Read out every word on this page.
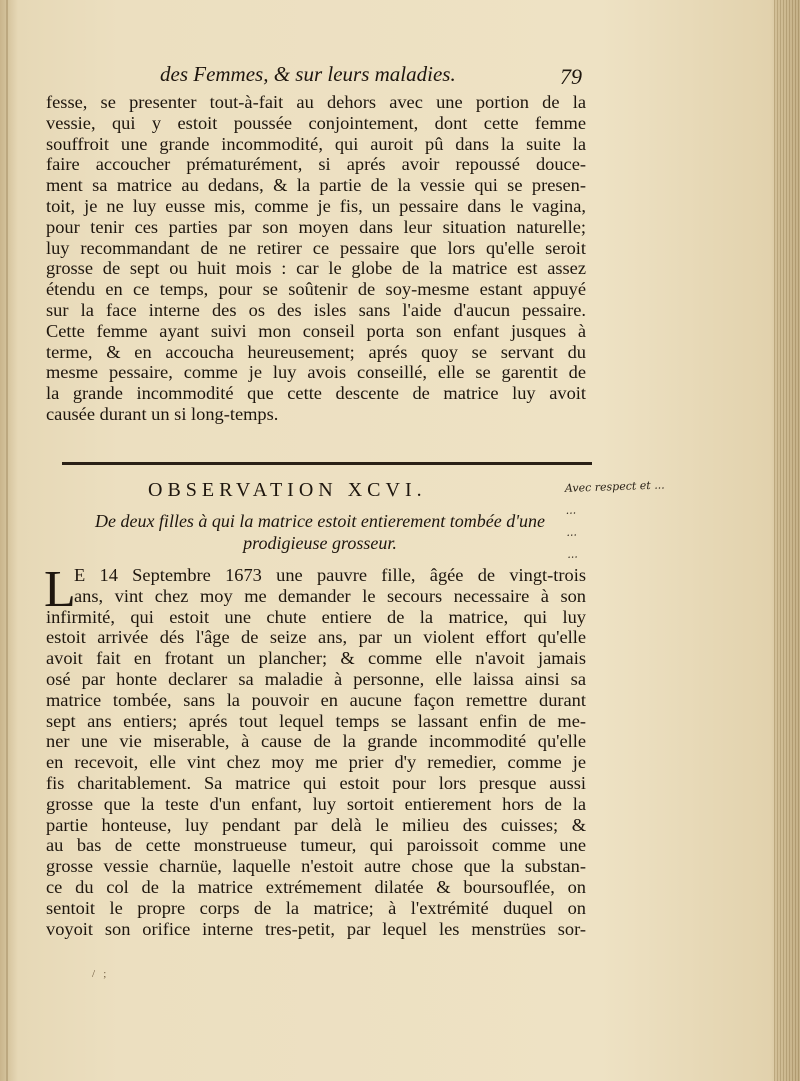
des Femmes, & sur leurs maladies.	79
fesse, se presenter tout-à-fait au dehors avec une portion de la
vessie, qui y estoit poussée conjointement, dont cette femme
souffroit une grande incommodité, qui auroit pû dans la suite la
faire accoucher prématurément, si aprés avoir repoussé douce-
ment sa matrice au dedans, & la partie de la vessie qui se presen-
toit, je ne luy eusse mis, comme je fis, un pessaire dans le vagina,
pour tenir ces parties par son moyen dans leur situation naturelle;
luy recommandant de ne retirer ce pessaire que lors qu'elle seroit
grosse de sept ou huit mois : car le globe de la matrice est assez
étendu en ce temps, pour se soûtenir de soy-mesme estant appuyé
sur la face interne des os des isles sans l'aide d'aucun pessaire.
Cette femme ayant suivi mon conseil porta son enfant jusques à
terme, & en accoucha heureusement; aprés quoy se servant du
mesme pessaire, comme je luy avois conseillé, elle se garentit de
la grande incommodité que cette descente de matrice luy avoit
causée durant un si long-temps.
OBSERVATION XCVI.
De deux filles à qui la matrice estoit entierement tombée d'une
prodigieuse grosseur.
Avec respect et ...
...
...
...
L
E 14 Septembre 1673 une pauvre fille, âgée de vingt-trois
ans, vint chez moy me demander le secours necessaire à son
infirmité, qui estoit une chute entiere de la matrice, qui luy
estoit arrivée dés l'âge de seize ans, par un violent effort qu'elle
avoit fait en frotant un plancher; & comme elle n'avoit jamais
osé par honte declarer sa maladie à personne, elle laissa ainsi sa
matrice tombée, sans la pouvoir en aucune façon remettre durant
sept ans entiers; aprés tout lequel temps se lassant enfin de me-
ner une vie miserable, à cause de la grande incommodité qu'elle
en recevoit, elle vint chez moy me prier d'y remedier, comme je
fis charitablement. Sa matrice qui estoit pour lors presque aussi
grosse que la teste d'un enfant, luy sortoit entierement hors de la
partie honteuse, luy pendant par delà le milieu des cuisses; &
au bas de cette monstrueuse tumeur, qui paroissoit comme une
grosse vessie charnüe, laquelle n'estoit autre chose que la substan-
ce du col de la matrice extrémement dilatée & boursouflée, on
sentoit le propre corps de la matrice; à l'extrémité duquel on
voyoit son orifice interne tres-petit, par lequel les menstrües sor-
/   ;
